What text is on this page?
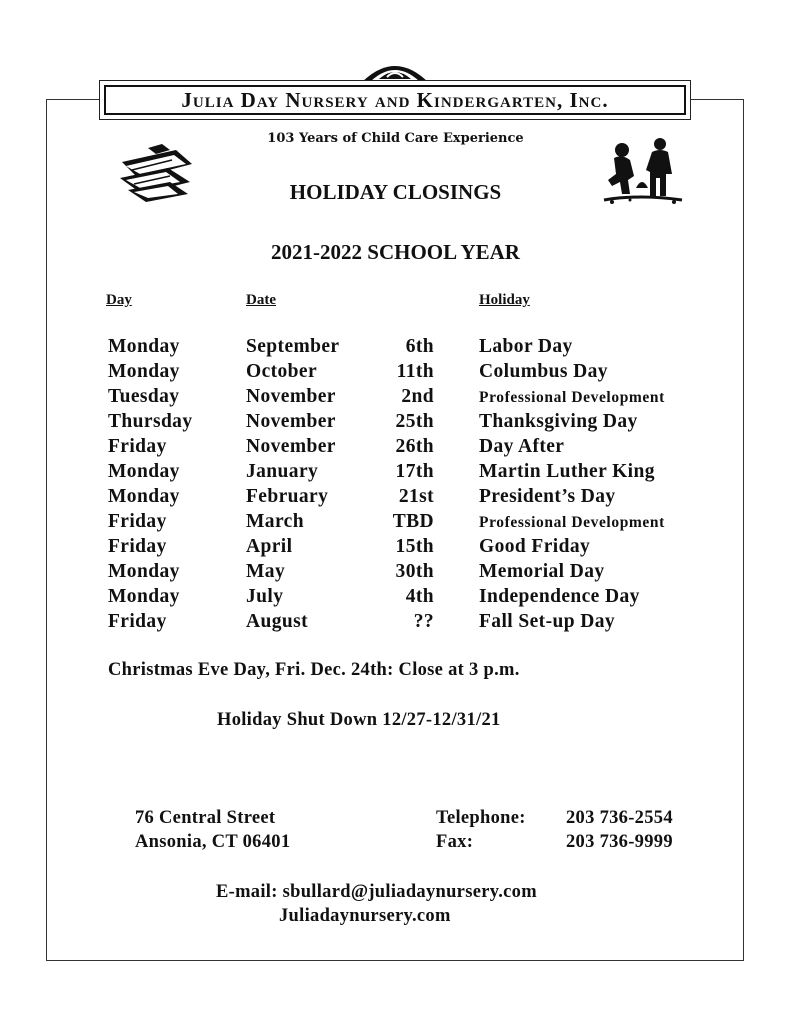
Julia Day Nursery and Kindergarten, Inc.
103 Years of Child Care Experience
HOLIDAY CLOSINGS
2021-2022 SCHOOL YEAR
Day	Date	Holiday
Monday	September	6th Labor Day
Monday	October	11th Columbus Day
Tuesday	November	2nd	Professional Development
Thursday	November	25th Thanksgiving Day
Friday	November	26th Day After
Monday	January	17th Martin Luther King
Monday	February	21st President’s Day
Friday	March	TBD	Professional Development
Friday	April	15th Good Friday
Monday	May	30th Memorial Day
Monday	July	4th Independence Day
Friday	August	?? Fall Set-up Day
Christmas Eve Day, Fri. Dec. 24th: Close at 3 p.m.
Holiday Shut Down 12/27-12/31/21
76 Central Street
Ansonia, CT 06401
Telephone: 203 736-2554
Fax:	203 736-9999
E-mail: sbullard@juliadaynursery.com
Juliadaynursery.com
